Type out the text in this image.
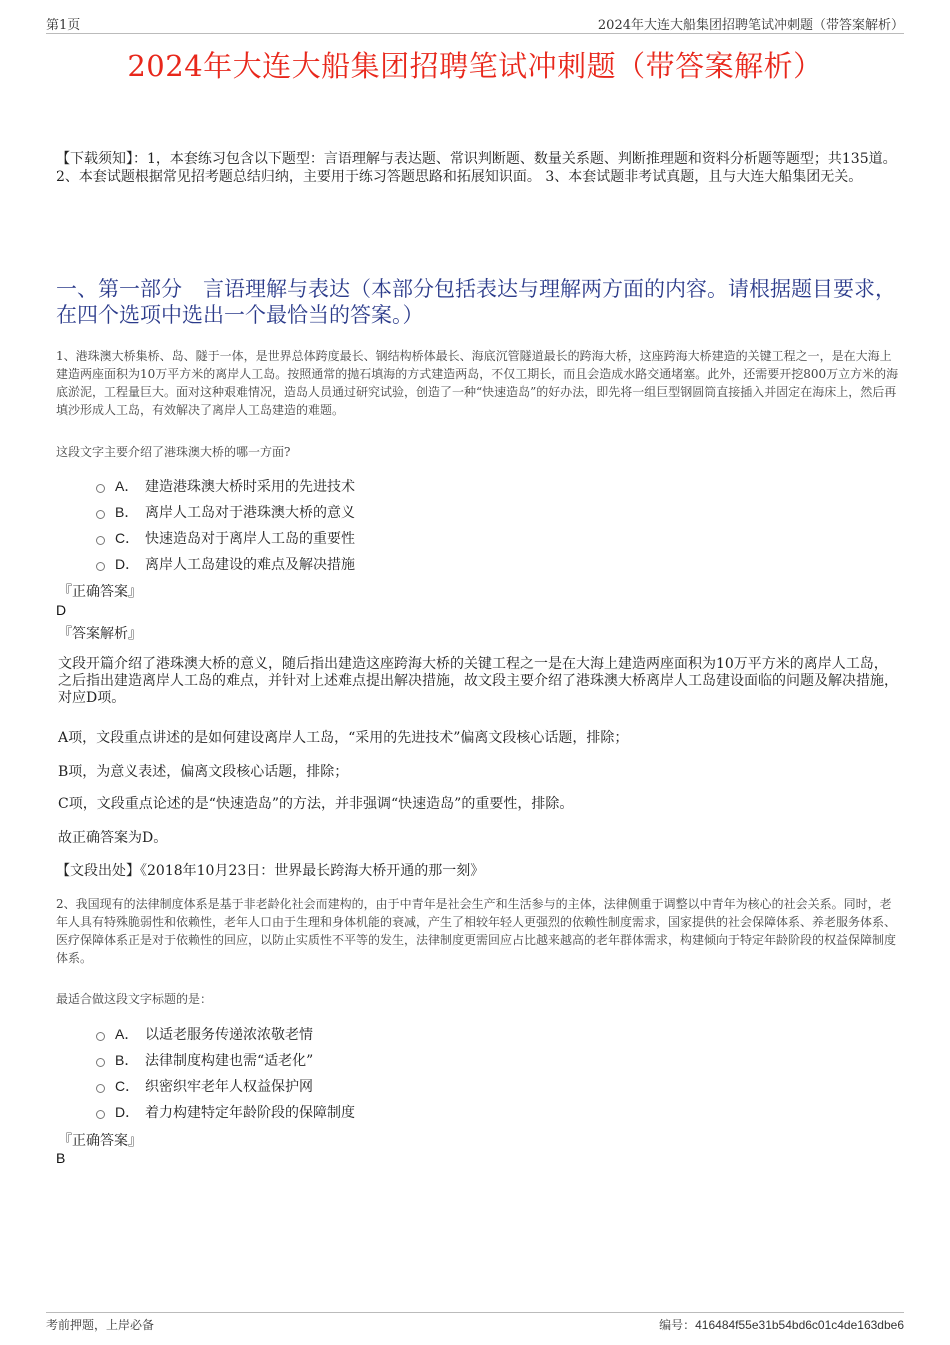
第1页	2024年大连大船集团招聘笔试冲刺题（带答案解析）
2024年大连大船集团招聘笔试冲刺题（带答案解析）
【下载须知】：1，本套练习包含以下题型：言语理解与表达题、常识判断题、数量关系题、判断推理题和资料分析题等题型；共135道。 2、本套试题根据常见招考题总结归纳，主要用于练习答题思路和拓展知识面。 3、本套试题非考试真题，且与大连大船集团无关。
一、第一部分　言语理解与表达（本部分包括表达与理解两方面的内容。请根据题目要求，在四个选项中选出一个最恰当的答案。）
1、港珠澳大桥集桥、岛、隧于一体，是世界总体跨度最长、钢结构桥体最长、海底沉管隧道最长的跨海大桥，这座跨海大桥建造的关键工程之一，是在大海上建造两座面积为10万平方米的离岸人工岛。按照通常的抛石填海的方式建造两岛，不仅工期长，而且会造成水路交通堵塞。此外，还需要开挖800万立方米的海底淤泥，工程量巨大。面对这种艰难情况，造岛人员通过研究试验，创造了一种“快速造岛”的好办法，即先将一组巨型钢圆筒直接插入并固定在海床上，然后再填沙形成人工岛，有效解决了离岸人工岛建造的难题。
这段文字主要介绍了港珠澳大桥的哪一方面?
A． 建造港珠澳大桥时采用的先进技术
B． 离岸人工岛对于港珠澳大桥的意义
C． 快速造岛对于离岸人工岛的重要性
D． 离岸人工岛建设的难点及解决措施
『正确答案』
D
『答案解析』
文段开篇介绍了港珠澳大桥的意义，随后指出建造这座跨海大桥的关键工程之一是在大海上建造两座面积为10万平方米的离岸人工岛，之后指出建造离岸人工岛的难点，并针对上述难点提出解决措施，故文段主要介绍了港珠澳大桥离岸人工岛建设面临的问题及解决措施，对应D项。
A项，文段重点讲述的是如何建设离岸人工岛，“采用的先进技术”偏离文段核心话题，排除；
B项，为意义表述，偏离文段核心话题，排除；
C项，文段重点论述的是“快速造岛”的方法，并非强调“快速造岛”的重要性，排除。
故正确答案为D。
【文段出处】《2018年10月23日：世界最长跨海大桥开通的那一刻》
2、我国现有的法律制度体系是基于非老龄化社会而建构的，由于中青年是社会生产和生活参与的主体，法律侧重于调整以中青年为核心的社会关系。同时，老年人具有特殊脆弱性和依赖性，老年人口由于生理和身体机能的衰减，产生了相较年轻人更强烈的依赖性制度需求，国家提供的社会保障体系、养老服务体系、医疗保障体系正是对于依赖性的回应，以防止实质性不平等的发生，法律制度更需回应占比越来越高的老年群体需求，构建倾向于特定年龄阶段的权益保障制度体系。
最适合做这段文字标题的是：
A． 以适老服务传递浓浓敬老情
B． 法律制度构建也需“适老化”
C． 织密织牢老年人权益保护网
D． 着力构建特定年龄阶段的保障制度
『正确答案』
B
考前押题，上岸必备	编号：416484f55e31b54bd6c01c4de163dbe6
